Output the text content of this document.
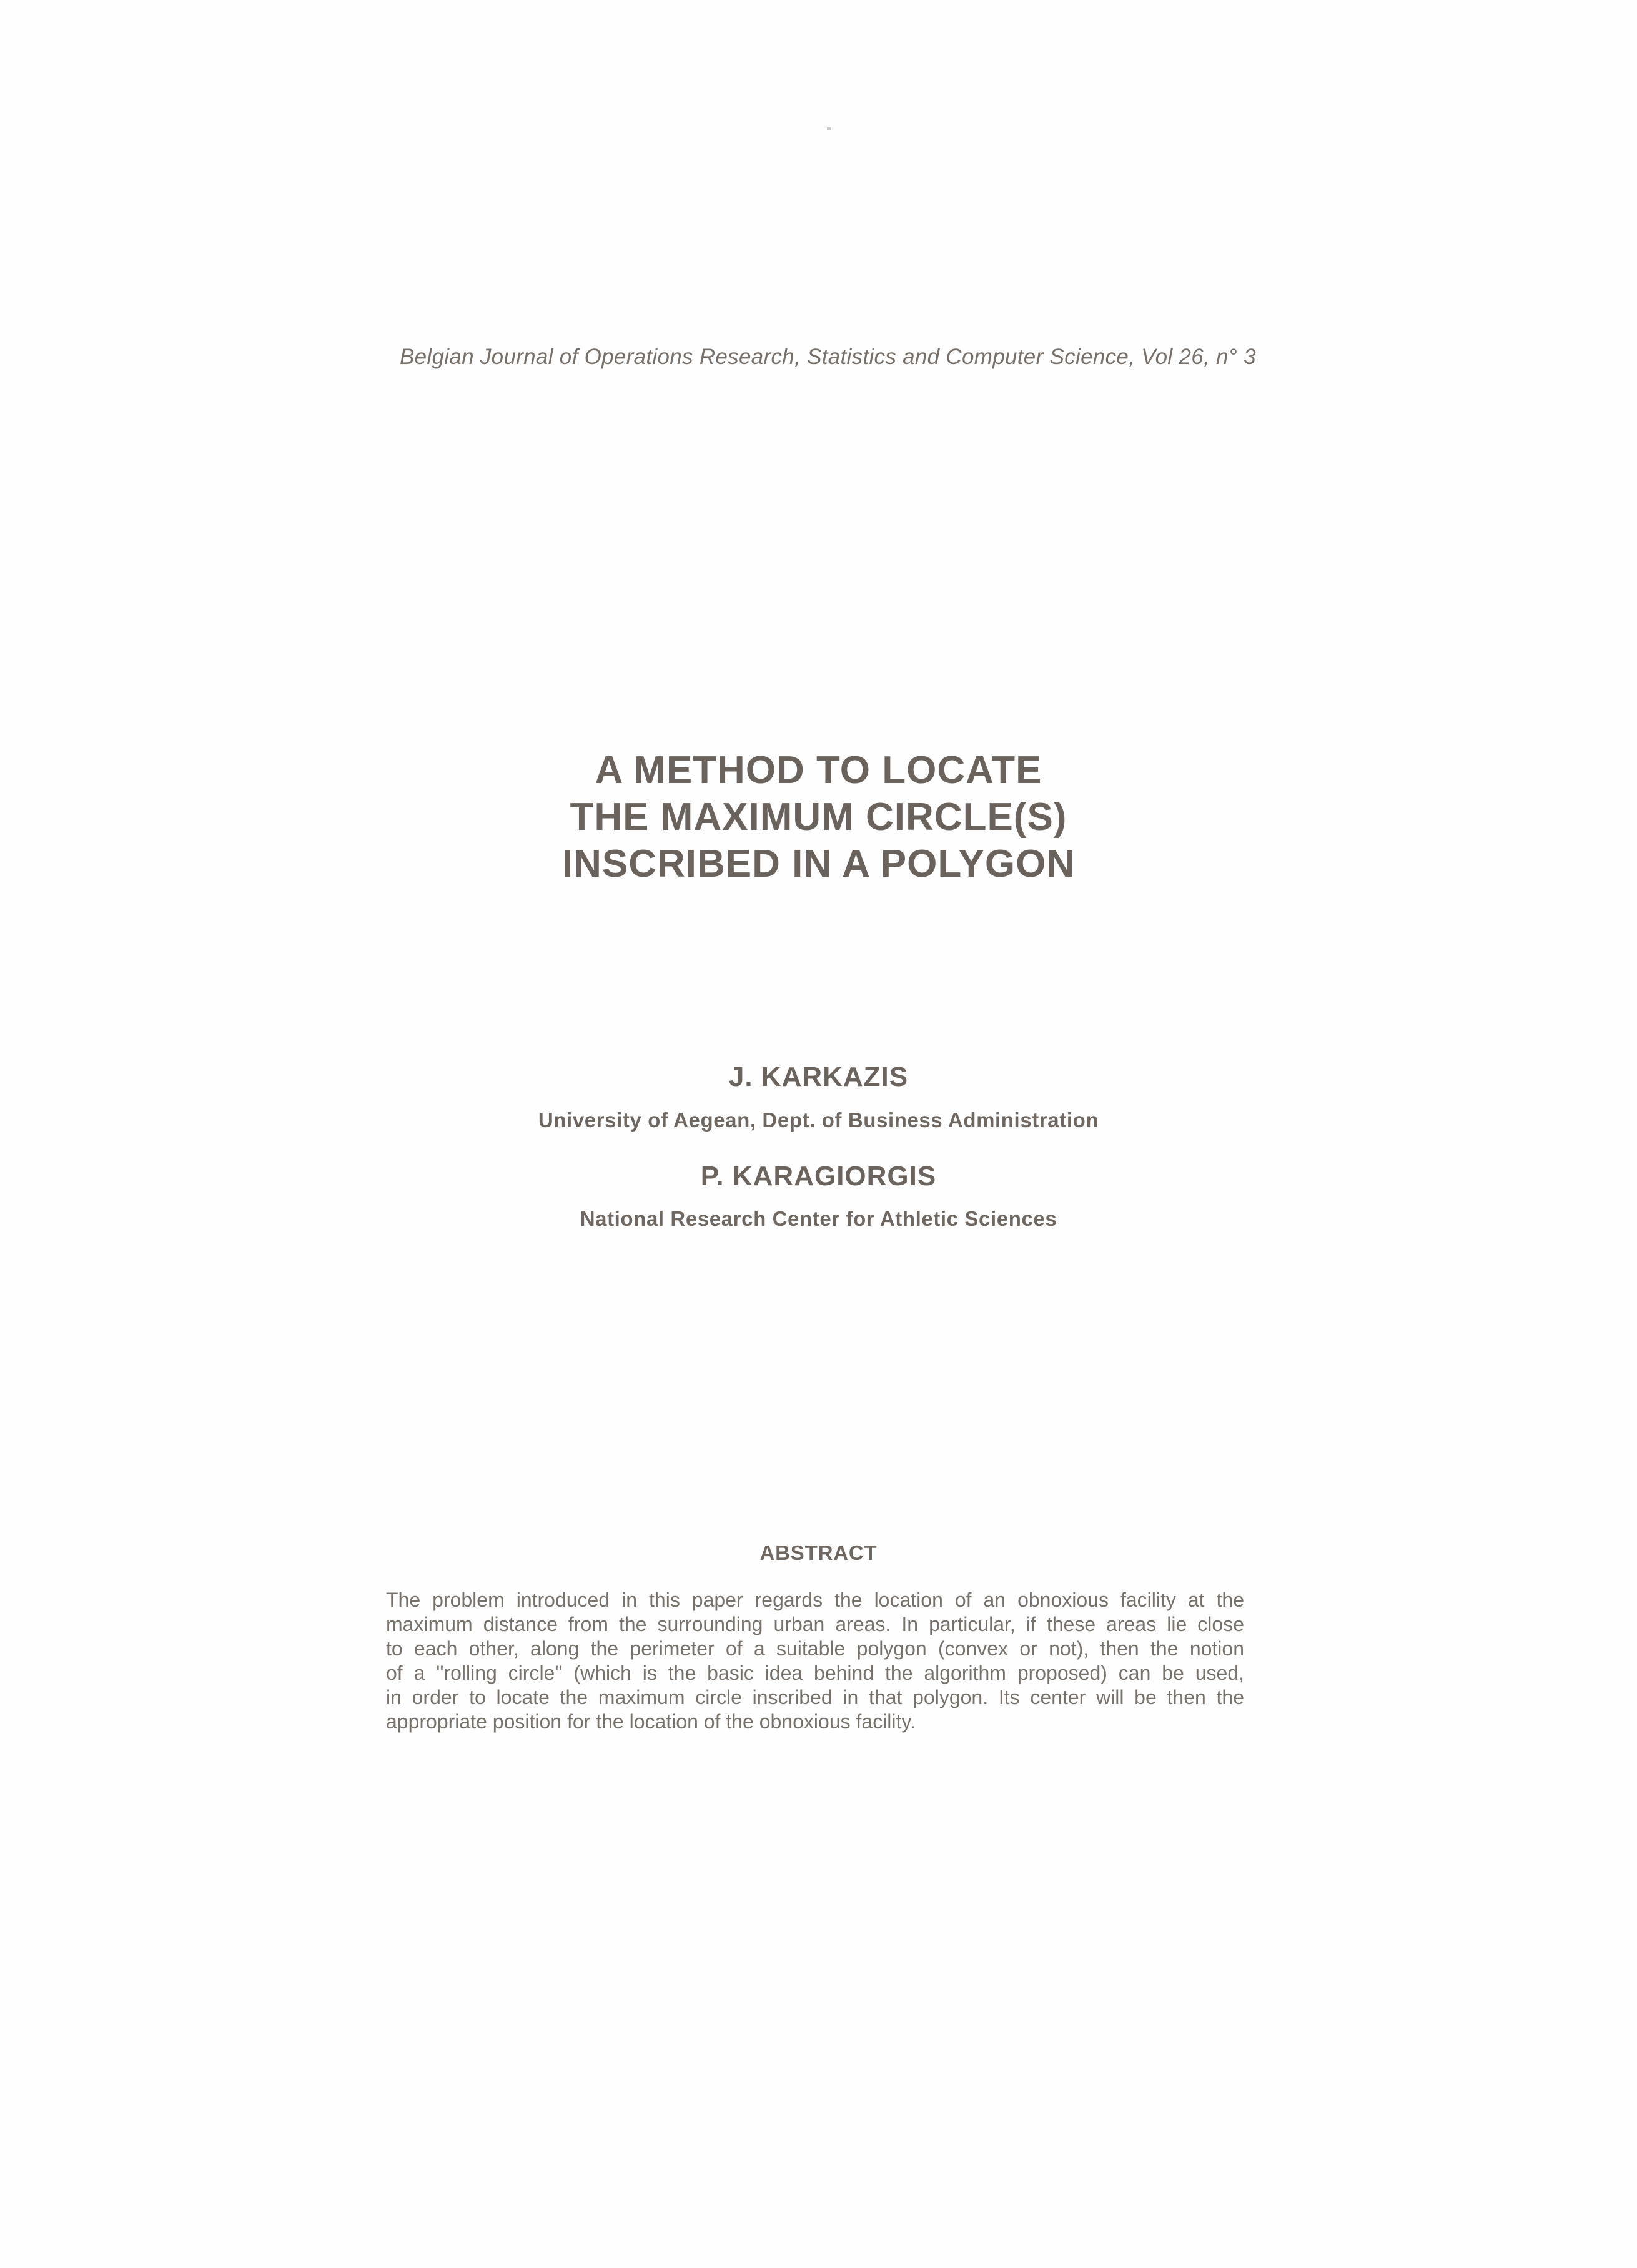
Belgian Journal of Operations Research, Statistics and Computer Science, Vol 26, n° 3
A METHOD TO LOCATE
THE MAXIMUM CIRCLE(S)
INSCRIBED IN A POLYGON
J. KARKAZIS
University of Aegean, Dept. of Business Administration
P. KARAGIORGIS
National Research Center for Athletic Sciences
ABSTRACT
The problem introduced in this paper regards the location of an obnoxious facility at the
maximum distance from the surrounding urban areas. In particular, if these areas lie close
to each other, along the perimeter of a suitable polygon (convex or not), then the notion
of a ''rolling circle'' (which is the basic idea behind the algorithm proposed) can be used,
in order to locate the maximum circle inscribed in that polygon. Its center will be then the
appropriate position for the location of the obnoxious facility.
